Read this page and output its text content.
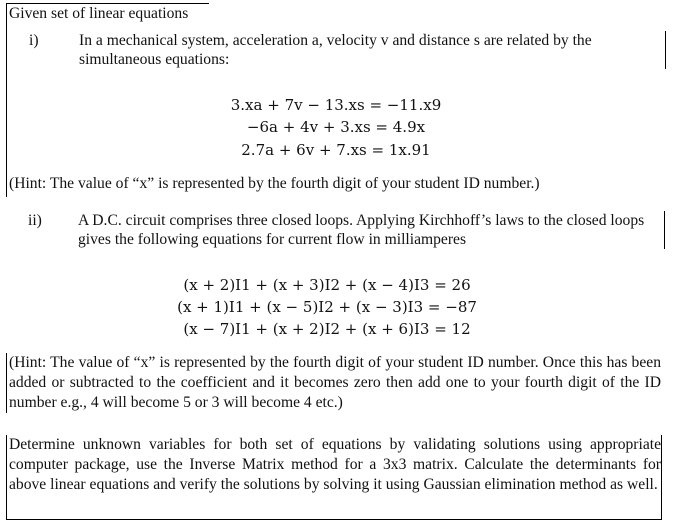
Given set of linear equations
i)	In a mechanical system, acceleration a, velocity v and distance s are related by the simultaneous equations:
3.xa + 7v − 13.xs = −11.x9
−6a + 4v + 3.xs = 4.9x
2.7a + 6v + 7.xs = 1x.91
(Hint: The value of “x” is represented by the fourth digit of your student ID number.)
ii) A D.C. circuit comprises three closed loops. Applying Kirchhoff’s laws to the closed loops gives the following equations for current flow in milliamperes
(x + 2)I1 + (x + 3)I2 + (x − 4)I3 = 26
(x + 1)I1 + (x − 5)I2 + (x − 3)I3 = −87
(x − 7)I1 + (x + 2)I2 + (x + 6)I3 = 12
(Hint: The value of “x” is represented by the fourth digit of your student ID number. Once this has been added or subtracted to the coefficient and it becomes zero then add one to your fourth digit of the ID number e.g., 4 will become 5 or 3 will become 4 etc.)
Determine unknown variables for both set of equations by validating solutions using appropriate computer package, use the Inverse Matrix method for a 3x3 matrix. Calculate the determinants for above linear equations and verify the solutions by solving it using Gaussian elimination method as well.
